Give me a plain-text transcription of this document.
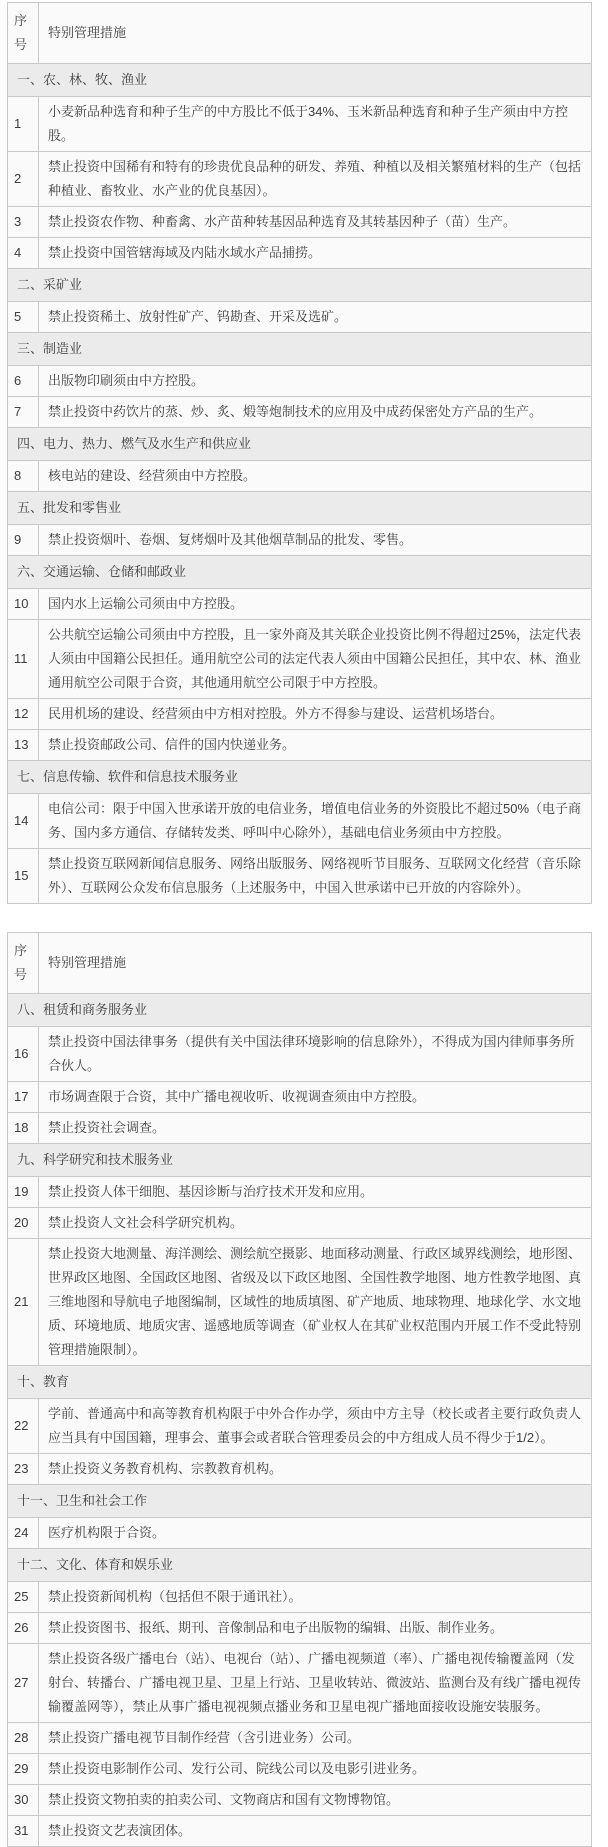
序号	特别管理措施
一、农、林、牧、渔业	
1	小麦新品种选育和种子生产的中方股比不低于34%、玉米新品种选育和种子生产须由中方控股。
2	禁止投资中国稀有和特有的珍贵优良品种的研发、养殖、种植以及相关繁殖材料的生产（包括种植业、畜牧业、水产业的优良基因）。
3	禁止投资农作物、种畜禽、水产苗种转基因品种选育及其转基因种子（苗）生产。
4	禁止投资中国管辖海域及内陆水域水产品捕捞。
二、采矿业	
5	禁止投资稀土、放射性矿产、钨勘查、开采及选矿。
三、制造业	
6	出版物印刷须由中方控股。
7	禁止投资中药饮片的蒸、炒、炙、煅等炮制技术的应用及中成药保密处方产品的生产。
四、电力、热力、燃气及水生产和供应业	
8	核电站的建设、经营须由中方控股。
五、批发和零售业	
9	禁止投资烟叶、卷烟、复烤烟叶及其他烟草制品的批发、零售。
六、交通运输、仓储和邮政业	
10	国内水上运输公司须由中方控股。
11	公共航空运输公司须由中方控股，且一家外商及其关联企业投资比例不得超过25%，法定代表人须由中国籍公民担任。通用航空公司的法定代表人须由中国籍公民担任，其中农、林、渔业通用航空公司限于合资，其他通用航空公司限于中方控股。
12	民用机场的建设、经营须由中方相对控股。外方不得参与建设、运营机场塔台。
13	禁止投资邮政公司、信件的国内快递业务。
七、信息传输、软件和信息技术服务业	
14	电信公司：限于中国入世承诺开放的电信业务，增值电信业务的外资股比不超过50%（电子商务、国内多方通信、存储转发类、呼叫中心除外），基础电信业务须由中方控股。
15	禁止投资互联网新闻信息服务、网络出版服务、网络视听节目服务、互联网文化经营（音乐除外）、互联网公众发布信息服务（上述服务中，中国入世承诺中已开放的内容除外）。
序号	特别管理措施
八、租赁和商务服务业	
16	禁止投资中国法律事务（提供有关中国法律环境影响的信息除外），不得成为国内律师事务所合伙人。
17	市场调查限于合资，其中广播电视收听、收视调查须由中方控股。
18	禁止投资社会调查。
九、科学研究和技术服务业	
19	禁止投资人体干细胞、基因诊断与治疗技术开发和应用。
20	禁止投资人文社会科学研究机构。
21	禁止投资大地测量、海洋测绘、测绘航空摄影、地面移动测量、行政区域界线测绘，地形图、世界政区地图、全国政区地图、省级及以下政区地图、全国性教学地图、地方性教学地图、真三维地图和导航电子地图编制，区域性的地质填图、矿产地质、地球物理、地球化学、水文地质、环境地质、地质灾害、遥感地质等调查（矿业权人在其矿业权范围内开展工作不受此特别管理措施限制）。
十、教育	
22	学前、普通高中和高等教育机构限于中外合作办学，须由中方主导（校长或者主要行政负责人应当具有中国国籍，理事会、董事会或者联合管理委员会的中方组成人员不得少于1/2）。
23	禁止投资义务教育机构、宗教教育机构。
十一、卫生和社会工作	
24	医疗机构限于合资。
十二、文化、体育和娱乐业	
25	禁止投资新闻机构（包括但不限于通讯社）。
26	禁止投资图书、报纸、期刊、音像制品和电子出版物的编辑、出版、制作业务。
27	禁止投资各级广播电台（站）、电视台（站）、广播电视频道（率）、广播电视传输覆盖网（发射台、转播台、广播电视卫星、卫星上行站、卫星收转站、微波站、监测台及有线广播电视传输覆盖网等），禁止从事广播电视视频点播业务和卫星电视广播地面接收设施安装服务。
28	禁止投资广播电视节目制作经营（含引进业务）公司。
29	禁止投资电影制作公司、发行公司、院线公司以及电影引进业务。
30	禁止投资文物拍卖的拍卖公司、文物商店和国有文物博物馆。
31	禁止投资文艺表演团体。
